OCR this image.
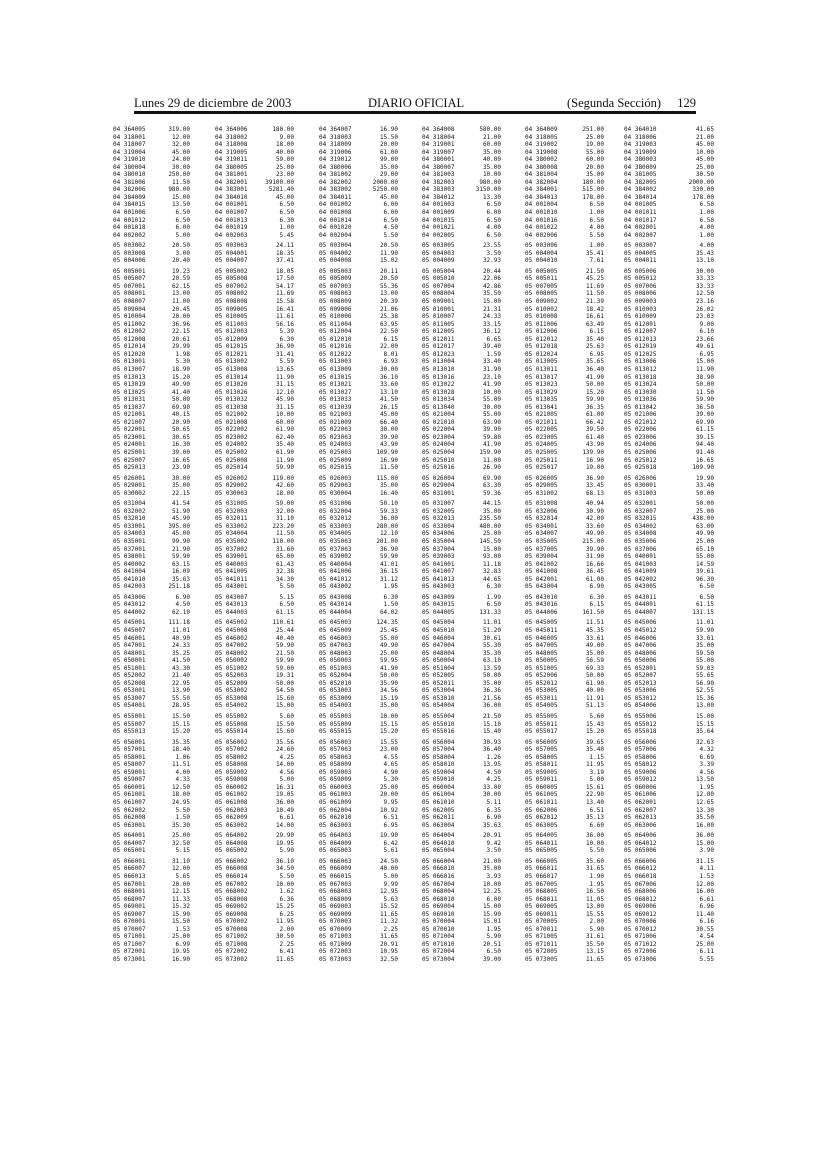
Lunes 29 de diciembre de 2003	DIARIO OFICIAL	(Segunda Sección) 129
04 364005	319.00	04 364006	180.00	04 364007	16.90	04 364008	580.00	04 364009	251.00	04 364010	41.65
04 318001	12.00	04 318002	9.00	04 318003	15.50	04 318004	21.00	04 318005	25.00	04 318006	21.00
04 318007	32.00	04 318008	18.00	04 318009	20.00	04 319001	60.00	04 319002	19.00	04 319003	45.00
04 319004	45.00	04 319005	40.00	04 319006	61.00	04 319007	35.00	04 319008	55.00	04 319009	10.00
04 319010	24.00	04 319011	59.00	04 319012	99.00	04 380001	40.00	04 380002	60.00	04 380003	45.00
04 380004	30.00	04 380005	25.00	04 380006	35.00	04 380007	35.00	04 380008	20.00	04 380009	25.00
04 380010	250.00	04 381001	23.00	04 381002	29.00	04 381003	10.00	04 381004	35.00	04 381005	30.50
04 381006	11.50	04 382001	39100.00	04 382002	2000.00	04 382003	980.00	04 382004	180.00	04 382005	2000.00
04 382006	980.00	04 383001	5281.40	04 383002	5250.00	04 383003	3150.00	04 384001	515.00	04 384002	330.00
04 384009	15.00	04 384010	45.00	04 384011	45.00	04 384012	13.30	04 384013	178.00	04 384014	178.00
04 384015	13.50	04 001001	6.50	04 001002	6.00	04 001003	6.50	04 001004	6.50	04 001005	6.50
04 001006	6.50	04 001007	6.50	04 001008	6.00	04 001009	6.00	04 001010	1.00	04 001011	1.00
04 001012	6.50	04 001013	6.30	04 001014	6.50	04 001015	6.50	04 001016	6.50	04 001017	6.50
04 001018	6.00	04 001019	1.00	04 001020	4.50	04 001021	4.00	04 001022	4.00	04 002001	4.00
04 002002	5.00	04 002003	5.45	04 002004	5.50	04 002005	6.50	04 002006	5.50	04 002007	1.00
05 003002	20.50	05 003003	24.11	05 003004	20.50	05 003005	23.55	05 003006	1.00	05 003007	4.00
05 003008	3.00	05 004001	18.35	05 004002	11.90	05 004003	3.50	05 004004	35.41	05 004005	35.43
05 004006	20.40	05 004007	37.41	05 004008	15.02	05 004009	32.93	05 004010	7.61	05 004011	13.10
05 005001	19.23	05 005002	18.05	05 005003	20.11	05 005004	20.44	05 005005	21.50	05 005006	30.00
05 005007	20.59	05 005008	17.50	05 005009	20.50	05 005010	22.06	05 005011	45.25	05 005012	33.33
05 007001	62.15	05 007002	54.17	05 007003	55.36	05 007004	42.86	05 007005	11.69	05 007006	33.33
05 008001	13.00	05 008002	11.69	05 008003	13.00	05 008004	35.50	05 008005	11.50	05 008006	12.50
05 008007	11.00	05 008008	15.58	05 008009	20.39	05 009001	15.00	05 009002	21.39	05 009003	23.16
05 009004	20.45	05 009005	16.41	05 009006	21.06	05 010001	21.31	05 010002	18.42	05 010003	26.02
05 010004	20.00	05 010005	11.61	05 010006	25.38	05 010007	24.33	05 010008	16.61	05 010009	23.03
05 011002	36.96	05 011003	56.16	05 011004	63.95	05 011005	33.15	05 011006	63.49	05 012001	9.00
05 012002	22.15	05 012003	5.39	05 012004	22.50	05 012005	36.12	05 012006	6.15	05 012007	6.10
05 012008	20.61	05 012009	6.30	05 012010	6.15	05 012011	6.65	05 012012	35.40	05 012013	23.66
05 012014	29.99	05 012015	36.90	05 012016	22.00	05 012017	39.40	05 012018	25.63	05 012019	49.61
05 012020	1.98	05 012021	31.41	05 012022	8.01	05 012023	1.59	05 012024	6.95	05 012025	6.95
05 013001	5.30	05 013002	5.59	05 013003	6.93	05 013004	33.40	05 013005	35.65	05 013006	15.00
05 013007	18.90	05 013008	13.65	05 013009	30.00	05 013010	31.90	05 013011	36.40	05 013012	11.90
05 013013	15.20	05 013014	11.90	05 013015	36.10	05 013016	23.10	05 013017	41.90	05 013018	38.90
05 013019	49.90	05 013020	31.15	05 013021	33.60	05 013022	41.90	05 013023	50.00	05 013024	50.00
05 013025	41.40	05 013026	12.10	05 013027	13.10	05 013028	10.00	05 013029	15.20	05 013030	11.50
05 013031	50.00	05 013032	45.90	05 013033	41.50	05 013034	55.00	05 013035	59.90	05 013036	59.90
05 013037	69.90	05 013038	31.15	05 013039	26.15	05 013040	30.00	05 013041	36.35	05 013042	36.50
05 021001	40.15	05 021002	10.00	05 021003	45.00	05 021004	55.00	05 021005	61.00	05 021006	39.00
05 021007	20.90	05 021008	60.00	05 021009	66.40	05 021010	63.90	05 021011	66.42	05 021012	69.90
05 022001	50.65	05 022002	61.90	05 022003	30.00	05 022004	39.90	05 022005	39.50	05 022006	61.15
05 023001	30.65	05 023002	62.40	05 023003	39.90	05 023004	59.80	05 023005	61.40	05 023006	39.15
05 024001	16.30	05 024002	35.40	05 024003	43.90	05 024004	41.90	05 024005	43.90	05 024006	94.40
05 025001	39.00	05 025002	61.90	05 025003	109.90	05 025004	159.90	05 025005	139.90	05 025006	91.40
05 025007	16.65	05 025008	11.90	05 025009	16.90	05 025010	11.00	05 025011	16.90	05 025012	16.65
05 025013	23.90	05 025014	59.90	05 025015	11.50	05 025016	26.90	05 025017	19.00	05 025018	109.90
05 026001	30.00	05 026002	119.00	05 026003	115.00	05 026004	69.90	05 026005	36.90	05 026006	19.90
05 029001	35.00	05 029002	42.60	05 029003	35.00	05 029004	63.30	05 029005	33.45	05 030001	33.40
05 030002	22.15	05 030003	18.00	05 030004	16.40	05 031001	59.36	05 031002	68.13	05 031003	50.00
05 031004	41.54	05 031005	59.00	05 031006	50.10	05 031007	44.15	05 031008	40.94	05 032001	50.00
05 032002	51.90	05 032003	32.00	05 032004	59.33	05 032005	35.00	05 032006	30.90	05 032007	25.00
05 032010	45.90	05 032011	31.10	05 032012	36.00	05 032013	235.50	05 032014	42.00	05 032015	438.00
05 033001	395.00	05 033002	223.20	05 033003	280.00	05 033004	480.00	05 034001	33.60	05 034002	63.00
05 034003	45.00	05 034004	11.50	05 034005	12.10	05 034006	25.00	05 034007	49.90	05 034008	49.90
05 035001	99.90	05 035002	110.00	05 035003	201.00	05 035004	145.50	05 035005	215.00	05 035006	25.00
05 037001	21.90	05 037002	31.60	05 037003	36.90	05 037004	15.00	05 037005	39.90	05 037006	65.10
05 038001	59.90	05 039001	65.00	05 039002	59.90	05 039003	93.00	05 039004	31.90	05 040001	55.00
05 040002	63.15	05 040003	61.43	05 040004	41.01	05 041001	11.18	05 041002	16.66	05 041003	14.59
05 041004	16.09	05 041005	32.38	05 041006	36.15	05 041007	32.83	05 041008	36.45	05 041009	39.61
05 041010	35.63	05 041011	34.30	05 041012	31.12	05 041013	44.65	05 042001	61.00	05 042002	96.30
05 042003	251.18	05 043001	5.50	05 043002	1.95	05 043003	6.30	05 043004	6.90	05 043005	6.50
05 043006	6.90	05 043007	5.15	05 043008	6.30	05 043009	1.99	05 043010	6.30	05 043011	6.50
05 043012	4.50	05 043013	6.50	05 043014	1.50	05 043015	6.50	05 043016	6.15	05 044001	61.15
05 044002	62.10	05 044003	61.15	05 044004	64.02	05 044005	131.33	05 044006	161.50	05 044007	131.15
05 045001	111.18	05 045002	110.61	05 045003	124.35	05 045004	11.01	05 045005	11.51	05 045006	11.01
05 045007	11.01	05 045008	25.44	05 045009	25.45	05 045010	51.20	05 045011	45.35	05 045012	59.90
05 046001	40.90	05 046002	40.40	05 046003	55.00	05 046004	30.61	05 046005	33.61	05 046006	33.61
05 047001	24.33	05 047002	59.90	05 047003	49.90	05 047004	55.30	05 047005	49.00	05 047006	35.00
05 048001	35.25	05 048002	21.50	05 048003	25.00	05 048004	35.30	05 048005	35.00	05 048006	59.50
05 050001	41.50	05 050002	59.90	05 050003	59.95	05 050004	63.10	05 050005	56.59	05 050006	55.00
05 051001	43.30	05 051002	59.00	05 051003	41.90	05 051004	13.59	05 051005	69.33	05 052001	59.03
05 052002	21.40	05 052003	19.31	05 052004	50.00	05 052005	50.00	05 052006	50.00	05 052007	55.65
05 052008	22.95	05 052009	50.00	05 052010	35.90	05 052011	35.00	05 052012	61.90	05 052013	56.90
05 053001	13.90	05 053002	54.50	05 053003	34.56	05 053004	36.36	05 053005	40.00	05 053006	52.55
05 053007	55.50	05 053008	15.60	05 053009	15.19	05 053010	21.56	05 053011	11.91	05 053012	15.36
05 054001	28.95	05 054002	15.00	05 054003	35.00	05 054004	36.00	05 054005	51.13	05 054006	13.00
05 055001	15.50	05 055002	5.60	05 055003	10.00	05 055004	21.50	05 055005	5.60	05 055006	15.00
05 055007	15.15	05 055008	15.50	05 055009	15.15	05 055010	15.10	05 055011	15.43	05 055012	15.15
05 055013	15.20	05 055014	15.60	05 055015	15.20	05 055016	15.40	05 055017	15.20	05 055018	35.64
05 056001	35.35	05 056002	35.56	05 056003	15.55	05 056004	30.93	05 056005	39.65	05 056006	32.63
05 057001	18.40	05 057002	24.60	05 057003	23.00	05 057004	36.40	05 057005	35.40	05 057006	4.32
05 058001	1.06	05 058002	4.25	05 058003	4.55	05 058004	1.26	05 058005	1.15	05 058006	6.69
05 058007	11.51	05 058008	14.00	05 058009	4.65	05 058010	13.95	05 058011	11.95	05 058012	3.39
05 059001	4.00	05 059002	4.56	05 059003	4.90	05 059004	4.50	05 059005	3.19	05 059006	4.56
05 059007	4.33	05 059008	5.00	05 059009	5.30	05 059010	4.25	05 059011	5.00	05 059012	13.50
05 060001	12.50	05 060002	16.31	05 060003	25.00	05 060004	33.00	05 060005	15.61	05 060006	1.95
05 061001	18.00	05 061002	19.05	05 061003	20.00	05 061004	30.00	05 061005	22.90	05 061006	12.00
05 061007	24.95	05 061008	36.00	05 061009	9.95	05 061010	5.11	05 061011	13.40	05 062001	12.65
05 062002	5.50	05 062003	10.49	05 062004	10.92	05 062005	6.35	05 062006	6.51	05 062007	13.30
05 062008	1.50	05 062009	6.61	05 062010	6.51	05 062011	6.90	05 062012	35.13	05 062013	35.50
05 063001	35.30	05 063002	14.00	05 063003	6.95	05 063004	35.63	05 063005	6.60	05 063006	16.00
05 064001	25.00	05 064002	29.90	05 064003	19.90	05 064004	20.91	05 064005	36.00	05 064006	36.00
05 064007	32.50	05 064008	19.95	05 064009	6.42	05 064010	9.42	05 064011	10.00	05 064012	15.00
05 065001	5.15	05 065002	5.90	05 065003	5.61	05 065004	3.50	05 065005	5.50	05 065006	3.90
05 066001	31.10	05 066002	36.10	05 066003	24.50	05 066004	21.00	05 066005	35.60	05 066006	31.15
05 066007	12.00	05 066008	34.50	05 066009	40.00	05 066010	35.00	05 066011	31.65	05 066012	4.11
05 066013	5.65	05 066014	5.50	05 066015	5.00	05 066016	3.93	05 066017	1.90	05 066018	1.53
05 067001	20.00	05 067002	10.00	05 067003	9.99	05 067004	10.00	05 067005	1.95	05 067006	12.00
05 068001	12.15	05 068002	1.62	05 068003	12.95	05 068004	12.25	05 068005	16.50	05 068006	16.00
05 068007	11.33	05 068008	6.36	05 068009	5.63	05 068010	6.00	05 068011	11.05	05 068012	6.61
05 069001	15.32	05 069002	15.25	05 069003	15.52	05 069004	15.00	05 069005	13.00	05 069006	6.96
05 069007	15.90	05 069008	6.25	05 069009	11.65	05 069010	15.90	05 069011	15.55	05 069012	11.40
05 070001	15.50	05 070002	11.95	05 070003	11.32	05 070004	15.01	05 070005	2.00	05 070006	6.16
05 070007	1.53	05 070008	2.00	05 070009	2.25	05 070010	1.95	05 070011	5.90	05 070012	30.55
05 071001	25.00	05 071002	30.50	05 071003	31.65	05 071004	5.90	05 071005	31.61	05 071006	4.54
05 071007	6.99	05 071008	2.25	05 071009	20.91	05 071010	20.51	05 071011	35.50	05 071012	25.00
05 072001	19.95	05 072002	6.41	05 072003	10.95	05 072004	6.50	05 072005	13.15	05 072006	6.11
05 073001	16.90	05 073002	11.65	05 073003	32.50	05 073004	39.00	05 073005	11.65	05 073006	5.55
